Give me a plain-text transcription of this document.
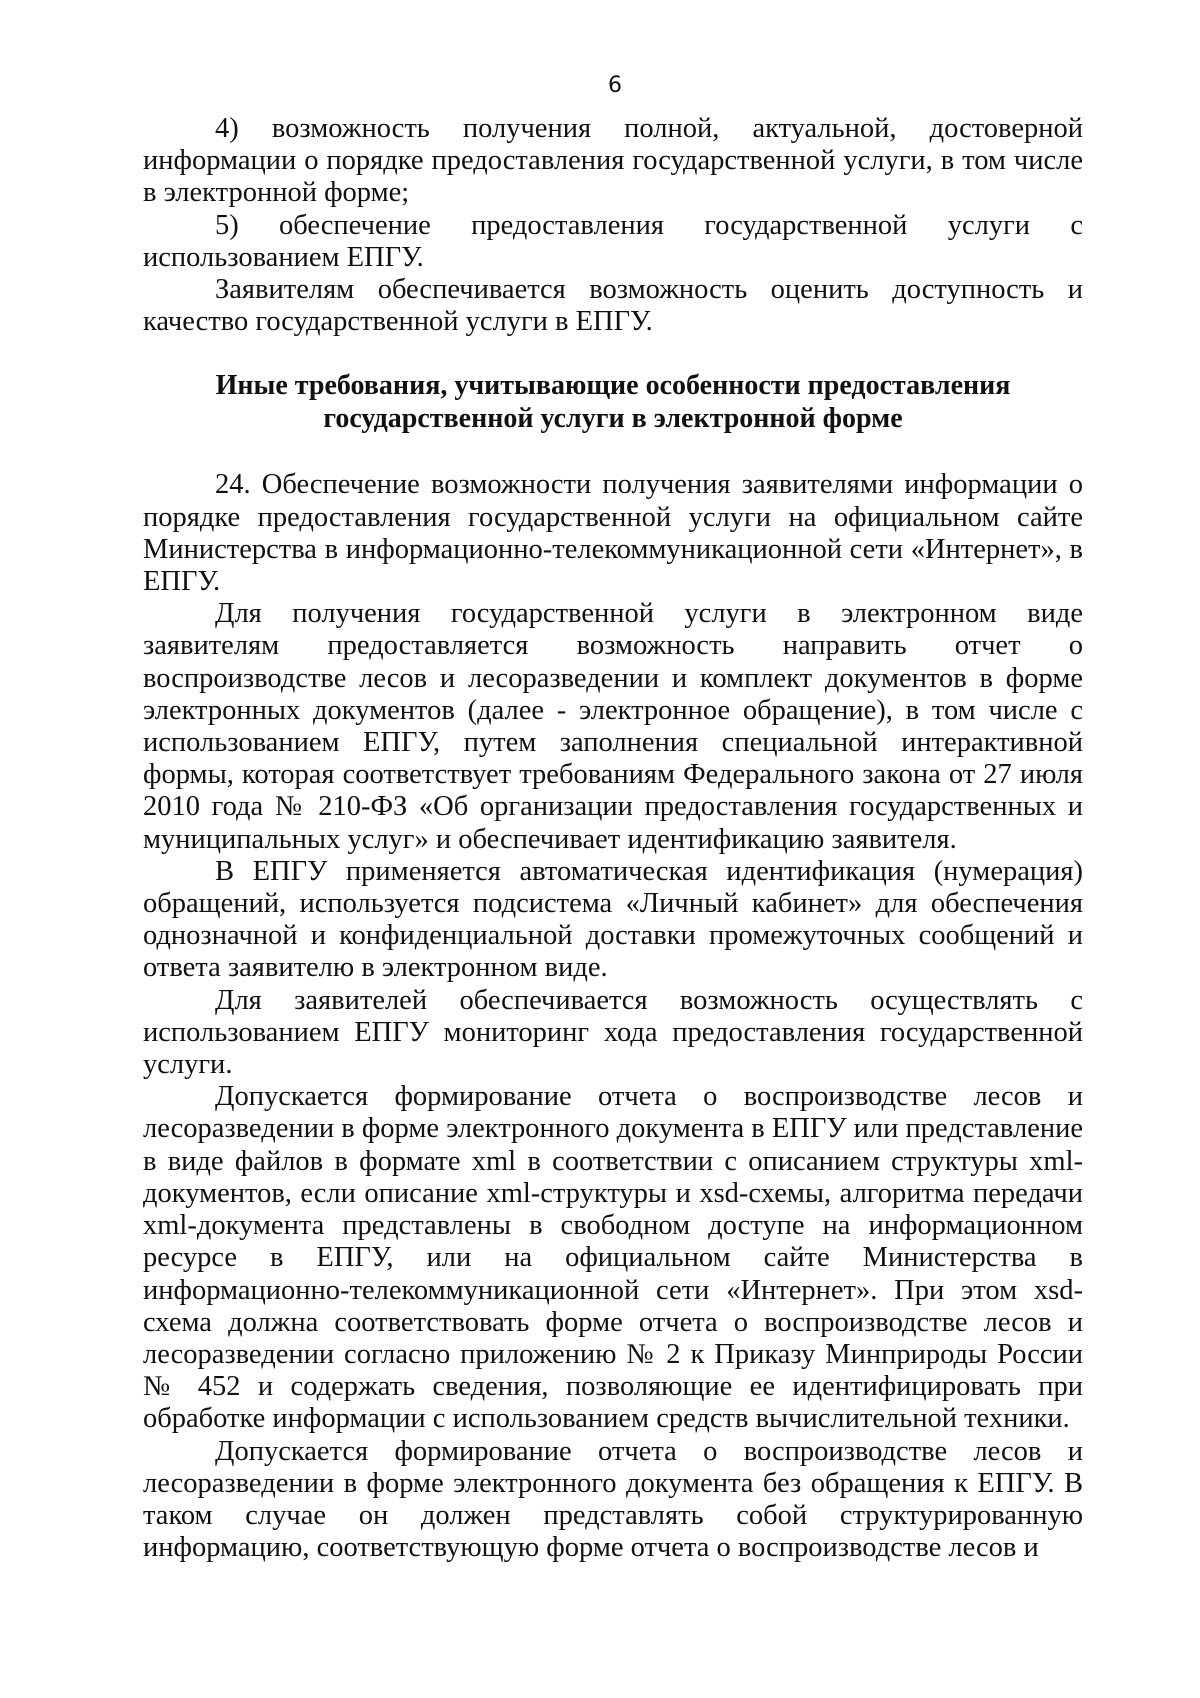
6

4) возможность получения полной, актуальной, достоверной информации о порядке предоставления государственной услуги, в том числе в электронной форме;

5) обеспечение предоставления государственной услуги с использованием ЕПГУ.

Заявителям обеспечивается возможность оценить доступность и качество государственной услуги в ЕПГУ.

Иные требования, учитывающие особенности предоставления
государственной услуги в электронной форме

24. Обеспечение возможности получения заявителями информации о порядке предоставления государственной услуги на официальном сайте Министерства в информационно-телекоммуникационной сети «Интернет», в ЕПГУ.

Для получения государственной услуги в электронном виде заявителям предоставляется возможность направить отчет о воспроизводстве лесов и лесоразведении и комплект документов в форме электронных документов (далее - электронное обращение), в том числе с использованием ЕПГУ, путем заполнения специальной интерактивной формы, которая соответствует требованиям Федерального закона от 27 июля 2010 года № 210-ФЗ «Об организации предоставления государственных и муниципальных услуг» и обеспечивает идентификацию заявителя.

В ЕПГУ применяется автоматическая идентификация (нумерация) обращений, используется подсистема «Личный кабинет» для обеспечения однозначной и конфиденциальной доставки промежуточных сообщений и ответа заявителю в электронном виде.

Для заявителей обеспечивается возможность осуществлять с использованием ЕПГУ мониторинг хода предоставления государственной услуги.

Допускается формирование отчета о воспроизводстве лесов и лесоразведении в форме электронного документа в ЕПГУ или представление в виде файлов в формате xml в соответствии с описанием структуры xml-документов, если описание xml-структуры и xsd-схемы, алгоритма передачи xml-документа представлены в свободном доступе на информационном ресурсе в ЕПГУ, или на официальном сайте Министерства в информационно-телекоммуникационной сети «Интернет». При этом xsd-схема должна соответствовать форме отчета о воспроизводстве лесов и лесоразведении согласно приложению № 2 к Приказу Минприроды России № 452 и содержать сведения, позволяющие ее идентифицировать при обработке информации с использованием средств вычислительной техники.

Допускается формирование отчета о воспроизводстве лесов и лесоразведении в форме электронного документа без обращения к ЕПГУ. В таком случае он должен представлять собой структурированную информацию, соответствующую форме отчета о воспроизводстве лесов и
